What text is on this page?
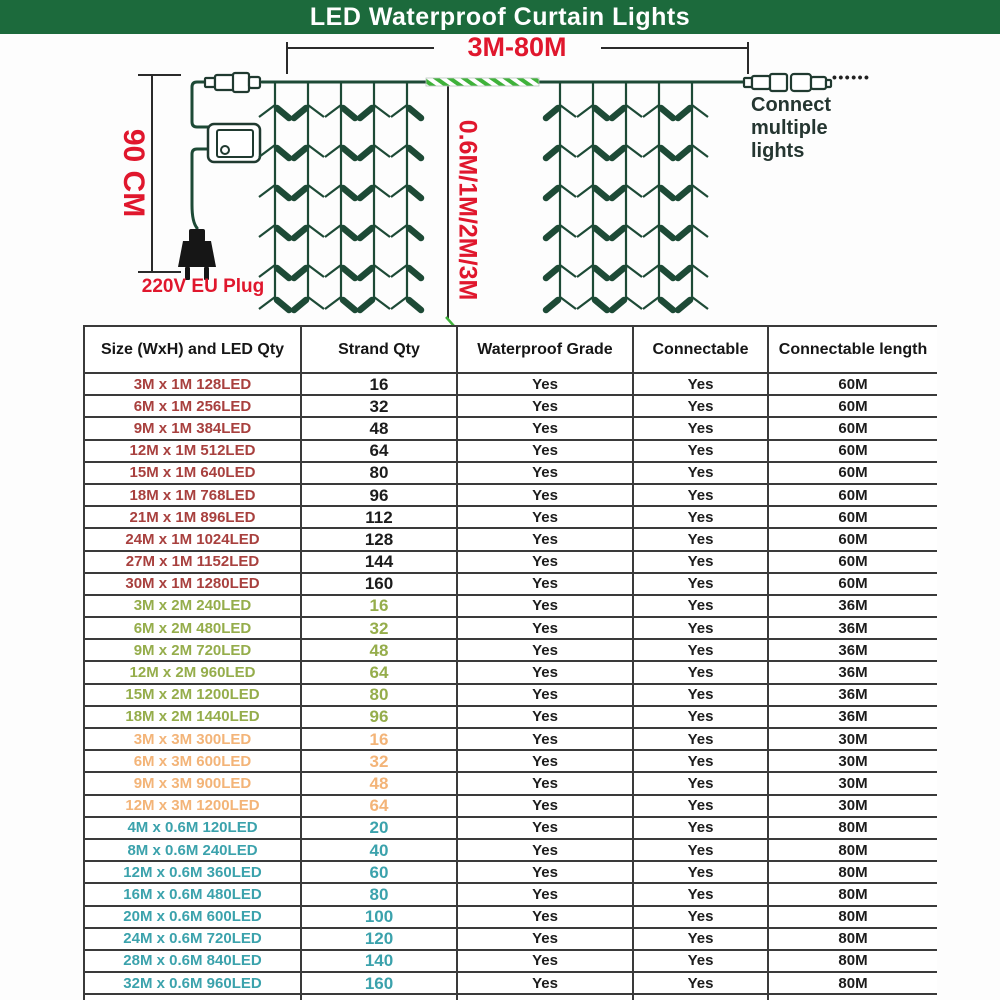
LED Waterproof Curtain Lights
3M-80M
90 CM	0.6M/1M/2M/3M
220V EU Plug
Connect multiple lights
••••••
Size (WxH) and LED Qty	Strand Qty	Waterproof Grade	Connectable	Connectable length
3M x 1M 128LED	16	Yes	Yes	60M
6M x 1M 256LED	32	Yes	Yes	60M
9M x 1M 384LED	48	Yes	Yes	60M
12M x 1M 512LED	64	Yes	Yes	60M
15M x 1M 640LED	80	Yes	Yes	60M
18M x 1M 768LED	96	Yes	Yes	60M
21M x 1M 896LED	112	Yes	Yes	60M
24M x 1M 1024LED	128	Yes	Yes	60M
27M x 1M 1152LED	144	Yes	Yes	60M
30M x 1M 1280LED	160	Yes	Yes	60M
3M x 2M 240LED	16	Yes	Yes	36M
6M x 2M 480LED	32	Yes	Yes	36M
9M x 2M 720LED	48	Yes	Yes	36M
12M x 2M 960LED	64	Yes	Yes	36M
15M x 2M 1200LED	80	Yes	Yes	36M
18M x 2M 1440LED	96	Yes	Yes	36M
3M x 3M 300LED	16	Yes	Yes	30M
6M x 3M 600LED	32	Yes	Yes	30M
9M x 3M 900LED	48	Yes	Yes	30M
12M x 3M 1200LED	64	Yes	Yes	30M
4M x 0.6M 120LED	20	Yes	Yes	80M
8M x 0.6M 240LED	40	Yes	Yes	80M
12M x 0.6M 360LED	60	Yes	Yes	80M
16M x 0.6M 480LED	80	Yes	Yes	80M
20M x 0.6M 600LED	100	Yes	Yes	80M
24M x 0.6M 720LED	120	Yes	Yes	80M
28M x 0.6M 840LED	140	Yes	Yes	80M
32M x 0.6M 960LED	160	Yes	Yes	80M
